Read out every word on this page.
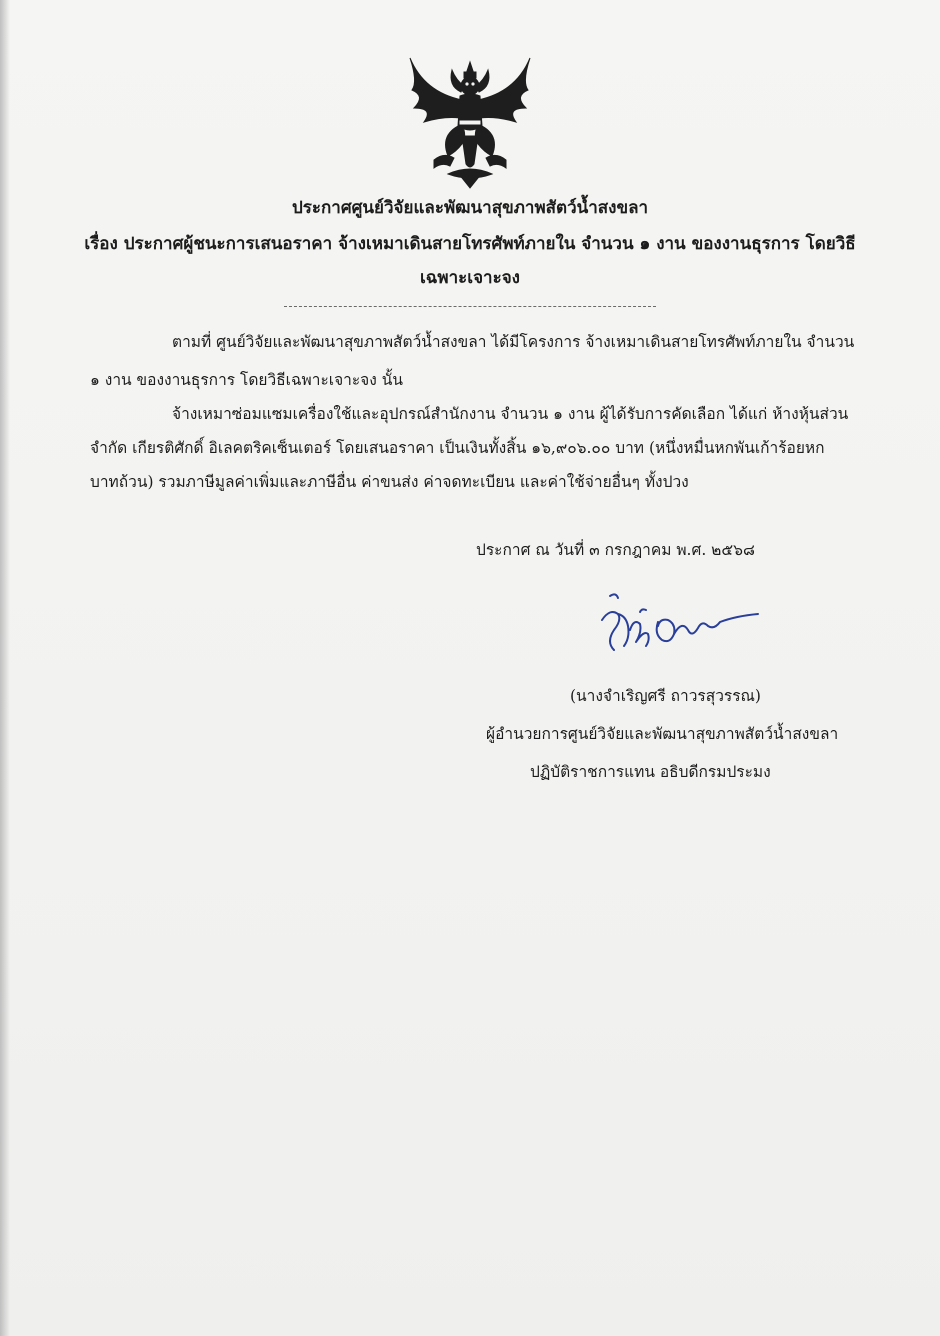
ประกาศศูนย์วิจัยและพัฒนาสุขภาพสัตว์น้ำสงขลา
เรื่อง ประกาศผู้ชนะการเสนอราคา จ้างเหมาเดินสายโทรศัพท์ภายใน จำนวน ๑ งาน ของงานธุรการ โดยวิธี
เฉพาะเจาะจง
ตามที่ ศูนย์วิจัยและพัฒนาสุขภาพสัตว์น้ำสงขลา ได้มีโครงการ จ้างเหมาเดินสายโทรศัพท์ภายใน จำนวน
๑ งาน ของงานธุรการ โดยวิธีเฉพาะเจาะจง นั้น
จ้างเหมาซ่อมแซมเครื่องใช้และอุปกรณ์สำนักงาน จำนวน ๑ งาน ผู้ได้รับการคัดเลือก ได้แก่ ห้างหุ้นส่วน
จำกัด เกียรติศักดิ์ อิเลคตริคเซ็นเตอร์ โดยเสนอราคา เป็นเงินทั้งสิ้น ๑๖,๙๐๖.๐๐ บาท (หนึ่งหมื่นหกพันเก้าร้อยหก
บาทถ้วน) รวมภาษีมูลค่าเพิ่มและภาษีอื่น ค่าขนส่ง ค่าจดทะเบียน และค่าใช้จ่ายอื่นๆ ทั้งปวง
ประกาศ ณ วันที่ ๓ กรกฎาคม พ.ศ. ๒๕๖๘
(นางจำเริญศรี ถาวรสุวรรณ)
ผู้อำนวยการศูนย์วิจัยและพัฒนาสุขภาพสัตว์น้ำสงขลา
ปฏิบัติราชการแทน อธิบดีกรมประมง
